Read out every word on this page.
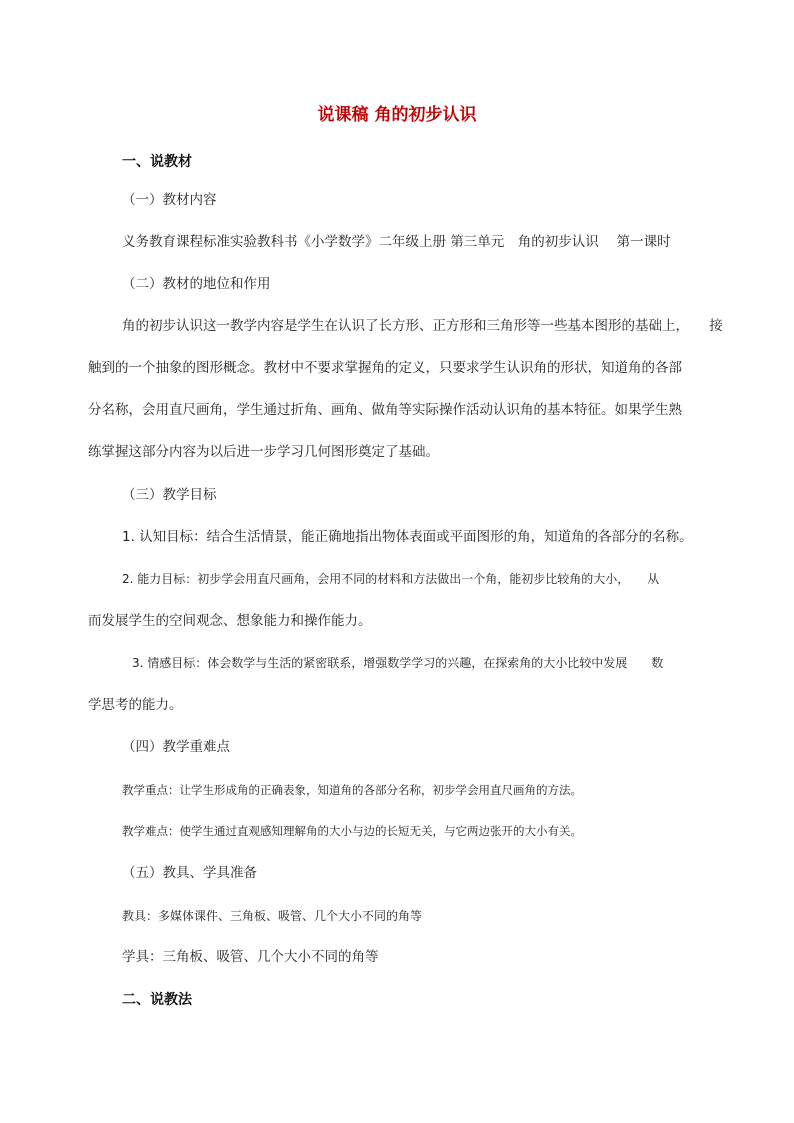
说课稿 角的初步认识
一、说教材
（一）教材内容
义务教育课程标准实验教科书《小学数学》二年级上册 第三单元　角的初步认识　 第一课时
（二）教材的地位和作用
角的初步认识这一教学内容是学生在认识了长方形、正方形和三角形等一些基本图形的基础上，　　接
触到的一个抽象的图形概念。教材中不要求掌握角的定义，只要求学生认识角的形状，知道角的各部
分名称，会用直尺画角，学生通过折角、画角、做角等实际操作活动认识角的基本特征。如果学生熟
练掌握这部分内容为以后进一步学习几何图形奠定了基础。
（三）教学目标
1. 认知目标：结合生活情景，能正确地指出物体表面或平面图形的角，知道角的各部分的名称。
2. 能力目标：初步学会用直尺画角，会用不同的材料和方法做出一个角，能初步比较角的大小，　　从
而发展学生的空间观念、想象能力和操作能力。
3. 情感目标：体会数学与生活的紧密联系，增强数学学习的兴趣，在探索角的大小比较中发展　　数
学思考的能力。
（四）教学重难点
教学重点：让学生形成角的正确表象，知道角的各部分名称，初步学会用直尺画角的方法。
教学难点：使学生通过直观感知理解角的大小与边的长短无关，与它两边张开的大小有关。
（五）教具、学具准备
教具：多媒体课件、三角板、吸管、几个大小不同的角等
学具：三角板、吸管、几个大小不同的角等
二、说教法
